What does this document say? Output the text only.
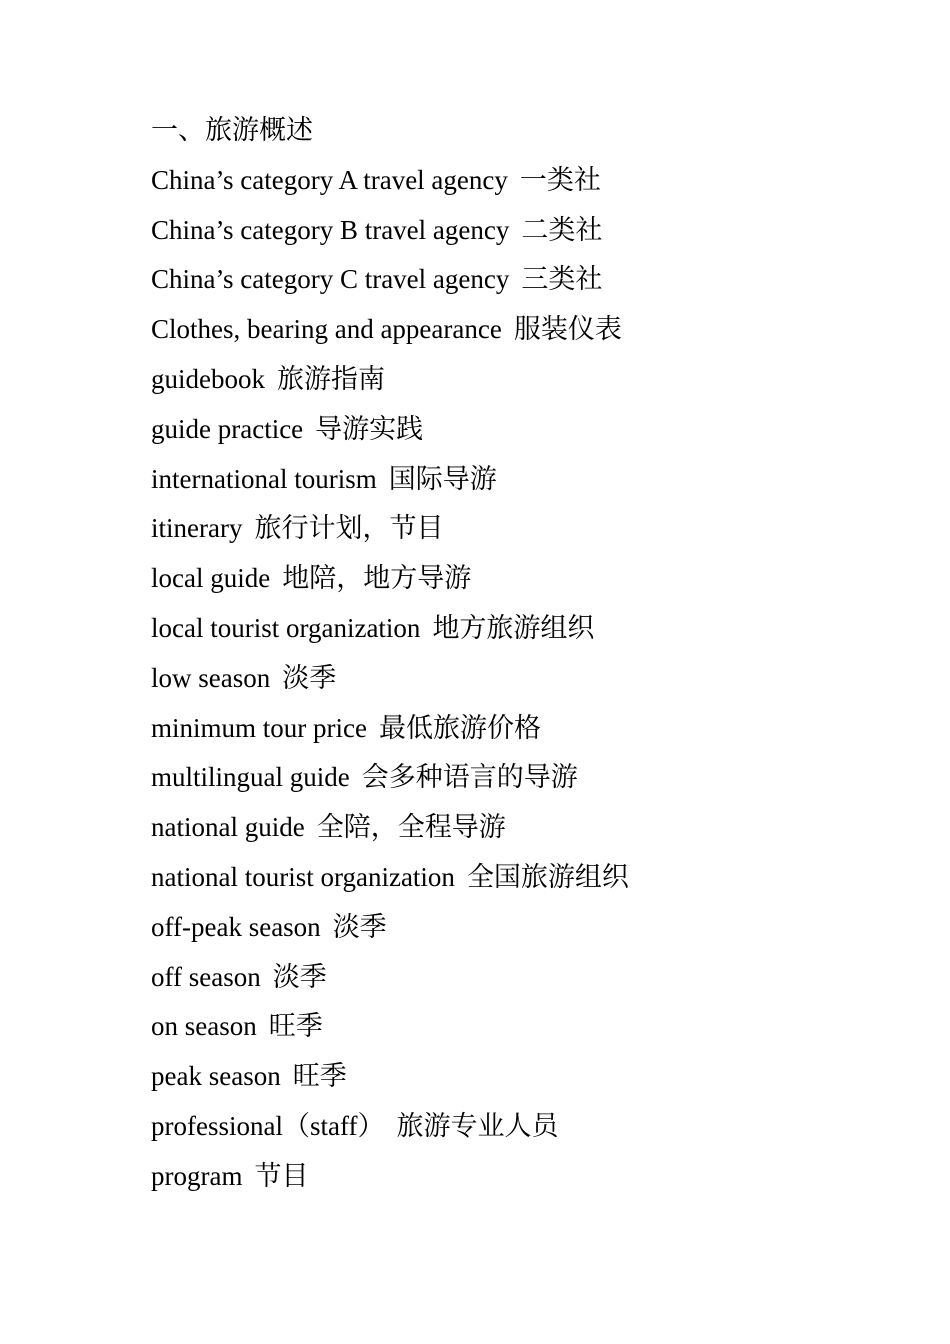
一、旅游概述
China’s category A travel agency 一类社
China’s category B travel agency 二类社
China’s category C travel agency 三类社
Clothes, bearing and appearance 服装仪表
guidebook 旅游指南
guide practice 导游实践
international tourism 国际导游
itinerary 旅行计划，节目
local guide 地陪，地方导游
local tourist organization 地方旅游组织
low season 淡季
minimum tour price 最低旅游价格
multilingual guide 会多种语言的导游
national guide 全陪，全程导游
national tourist organization 全国旅游组织
off-peak season 淡季
off season 淡季
on season 旺季
peak season 旺季
professional（staff） 旅游专业人员
program 节目
